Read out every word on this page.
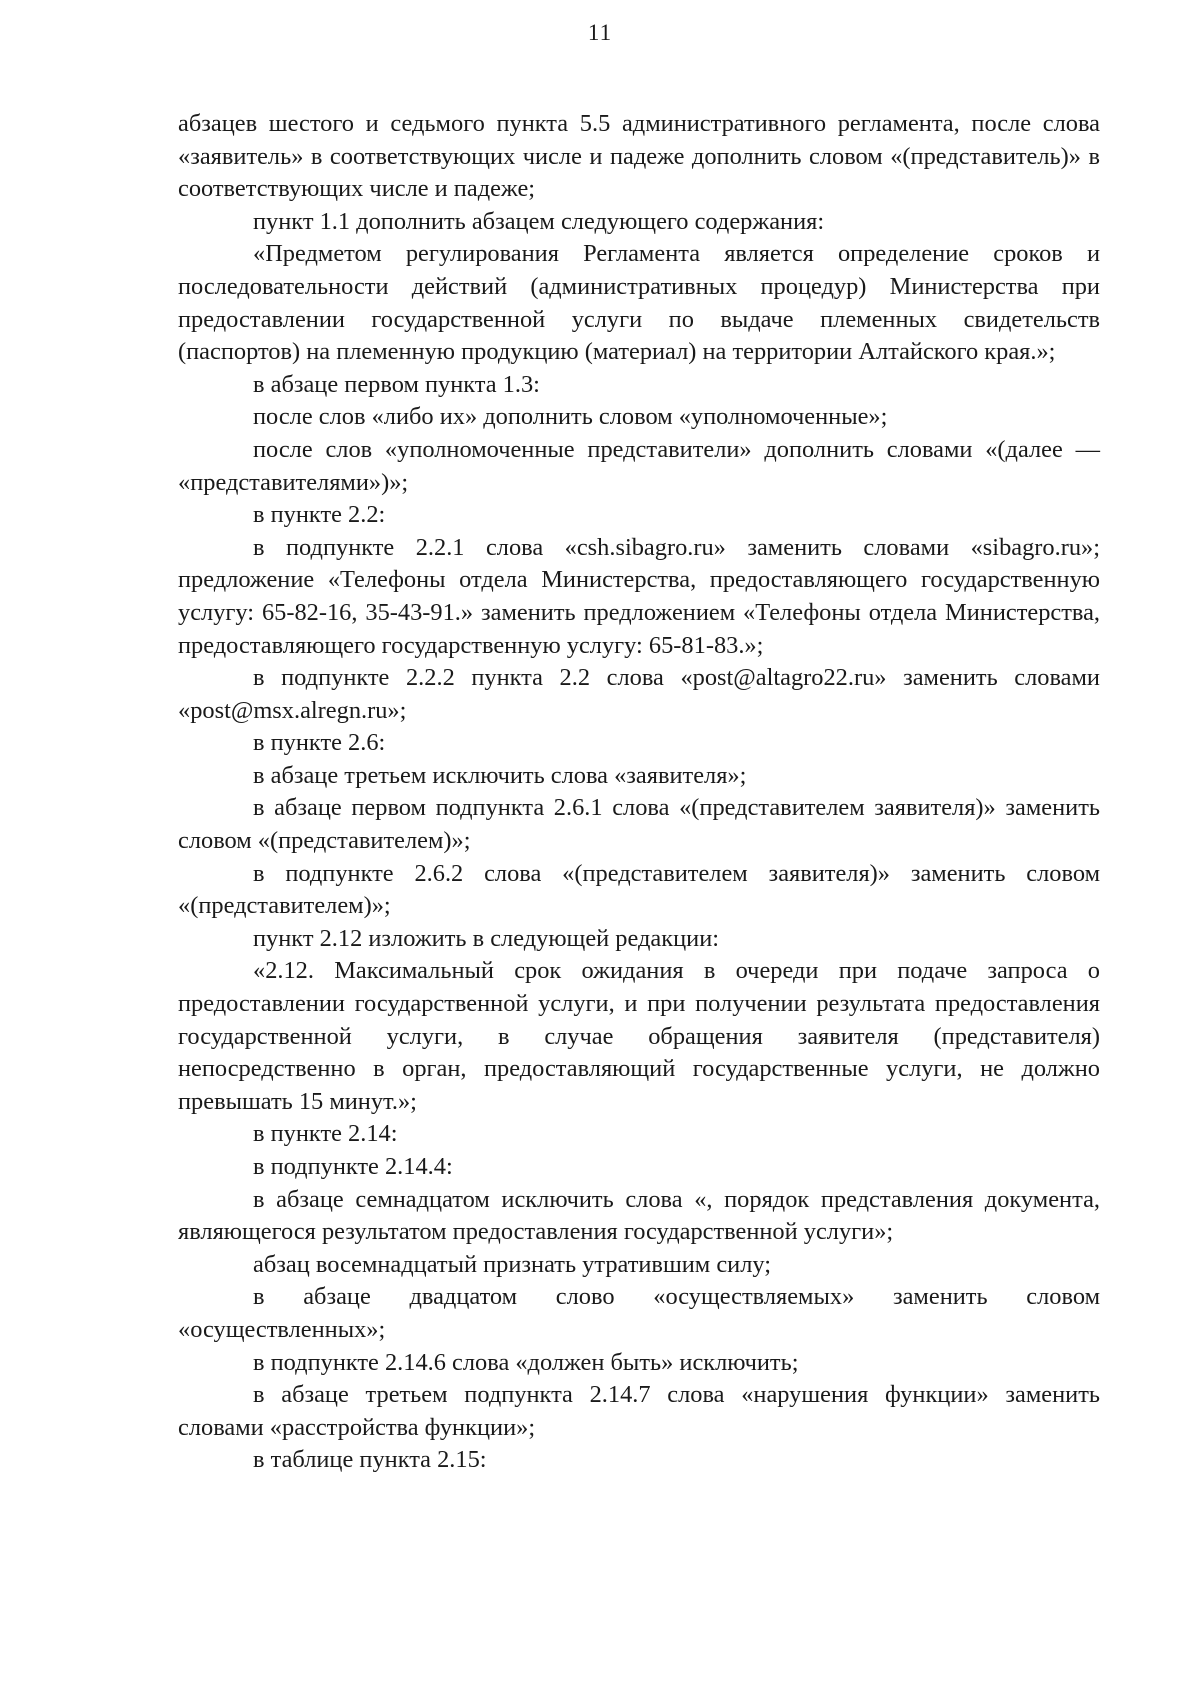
11

абзацев шестого и седьмого пункта 5.5 административного регламента, после слова «заявитель» в соответствующих числе и падеже дополнить словом «(представитель)» в соответствующих числе и падеже;

пункт 1.1 дополнить абзацем следующего содержания:

«Предметом регулирования Регламента является определение сроков и последовательности действий (административных процедур) Министерства при предоставлении государственной услуги по выдаче племенных свидетельств (паспортов) на племенную продукцию (материал) на территории Алтайского края.»;

в абзаце первом пункта 1.3:

после слов «либо их» дополнить словом «уполномоченные»;

после слов «уполномоченные представители» дополнить словами «(далее — «представителями»)»;

в пункте 2.2:

в подпункте 2.2.1 слова «csh.sibagro.ru» заменить словами «sibagro.ru»; предложение «Телефоны отдела Министерства, предоставляющего государственную услугу: 65-82-16, 35-43-91.» заменить предложением «Телефоны отдела Министерства, предоставляющего государственную услугу: 65-81-83.»;

в подпункте 2.2.2 пункта 2.2 слова «post@altagro22.ru» заменить словами «post@msx.alregn.ru»;

в пункте 2.6:

в абзаце третьем исключить слова «заявителя»;

в абзаце первом подпункта 2.6.1 слова «(представителем заявителя)» заменить словом «(представителем)»;

в подпункте 2.6.2 слова «(представителем заявителя)» заменить словом «(представителем)»;

пункт 2.12 изложить в следующей редакции:

«2.12. Максимальный срок ожидания в очереди при подаче запроса о предоставлении государственной услуги, и при получении результата предоставления государственной услуги, в случае обращения заявителя (представителя) непосредственно в орган, предоставляющий государственные услуги, не должно превышать 15 минут.»;

в пункте 2.14:

в подпункте 2.14.4:

в абзаце семнадцатом исключить слова «, порядок представления документа, являющегося результатом предоставления государственной услуги»;

абзац восемнадцатый признать утратившим силу;

в абзаце двадцатом слово «осуществляемых» заменить словом «осуществленных»;

в подпункте 2.14.6 слова «должен быть» исключить;

в абзаце третьем подпункта 2.14.7 слова «нарушения функции» заменить словами «расстройства функции»;

в таблице пункта 2.15:
